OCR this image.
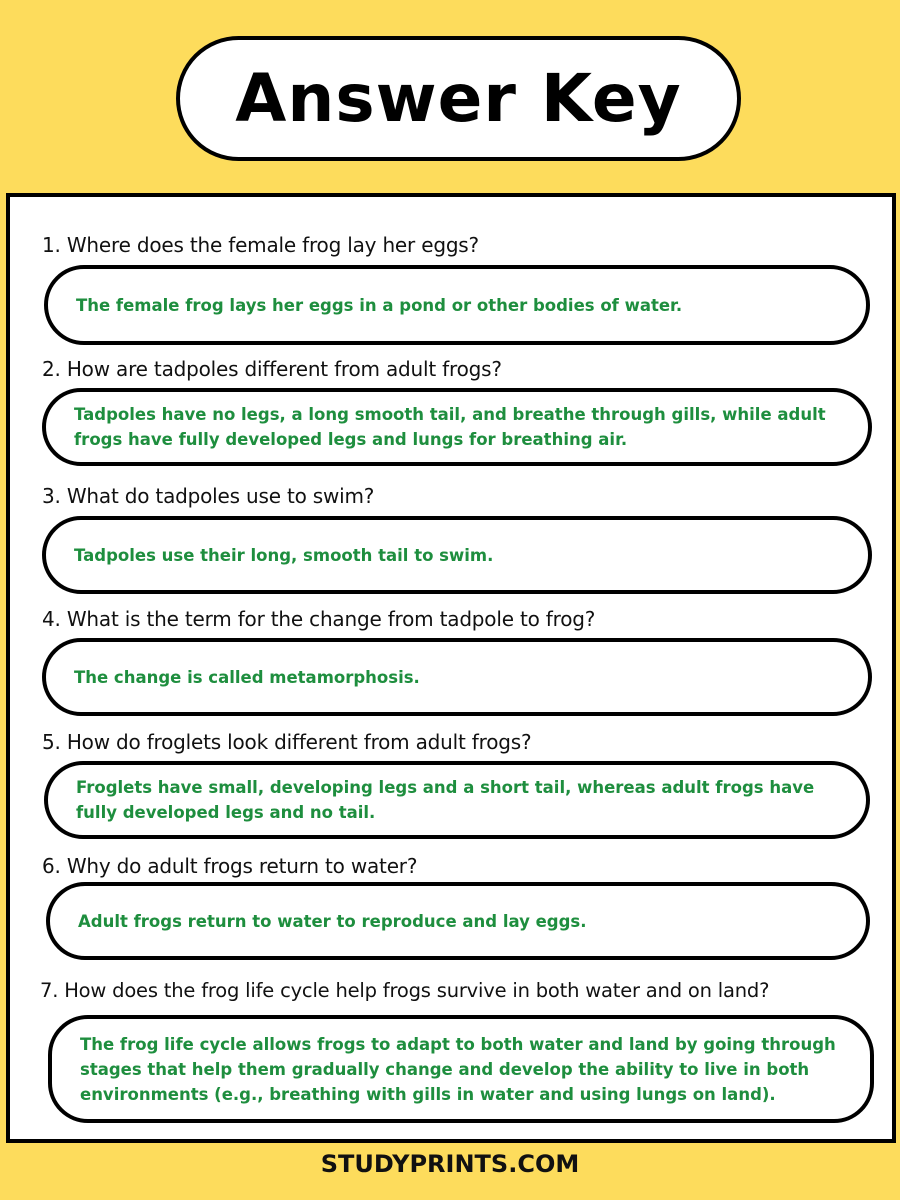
Answer Key
1. Where does the female frog lay her eggs?
The female frog lays her eggs in a pond or other bodies of water.
2. How are tadpoles different from adult frogs?
Tadpoles have no legs, a long smooth tail, and breathe through gills, while adult frogs have fully developed legs and lungs for breathing air.
3. What do tadpoles use to swim?
Tadpoles use their long, smooth tail to swim.
4. What is the term for the change from tadpole to frog?
The change is called metamorphosis.
5. How do froglets look different from adult frogs?
Froglets have small, developing legs and a short tail, whereas adult frogs have fully developed legs and no tail.
6. Why do adult frogs return to water?
Adult frogs return to water to reproduce and lay eggs.
7. How does the frog life cycle help frogs survive in both water and on land?
The frog life cycle allows frogs to adapt to both water and land by going through stages that help them gradually change and develop the ability to live in both environments (e.g., breathing with gills in water and using lungs on land).
STUDYPRINTS.COM
